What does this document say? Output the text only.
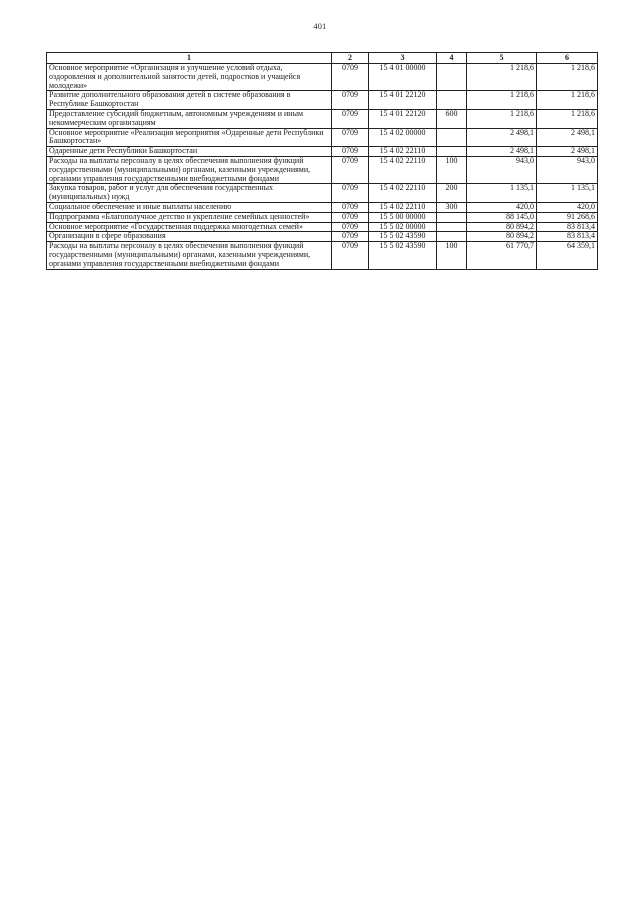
401
1	2	3	4	5	6
Основное мероприятие «Организация и улучшение условий отдыха, оздоровления и дополнительной занятости детей, подростков и учащейся молодежи»	0709	15 4 01 00000		1 218,6	1 218,6
Развитие дополнительного образования детей в системе образования в Республике Башкортостан	0709	15 4 01 22120		1 218,6	1 218,6
Предоставление субсидий бюджетным, автономным учреждениям и иным некоммерческим организациям	0709	15 4 01 22120	600	1 218,6	1 218,6
Основное мероприятие «Реализация мероприятия «Одаренные дети Республики Башкортостан»	0709	15 4 02 00000		2 498,1	2 498,1
Одаренные дети Республики Башкортостан	0709	15 4 02 22110		2 498,1	2 498,1
Расходы на выплаты персоналу в целях обеспечения выполнения функций государственными (муниципальными) органами, казенными учреждениями, органами управления государственными внебюджетными фондами	0709	15 4 02 22110	100	943,0	943,0
Закупка товаров, работ и услуг для обеспечения государственных (муниципальных) нужд	0709	15 4 02 22110	200	1 135,1	1 135,1
Социальное обеспечение и иные выплаты населению	0709	15 4 02 22110	300	420,0	420,0
Подпрограмма «Благополучное детство и укрепление семейных ценностей»	0709	15 5 00 00000		88 145,0	91 268,6
Основное мероприятие «Государственная поддержка многодетных семей»	0709	15 5 02 00000		80 894,2	83 813,4
Организации в сфере образования	0709	15 5 02 43590		80 894,2	83 813,4
Расходы на выплаты персоналу в целях обеспечения выполнения функций государственными (муниципальными) органами, казенными учреждениями, органами управления государственными внебюджетными фондами	0709	15 5 02 43590	100	61 770,7	64 359,1
